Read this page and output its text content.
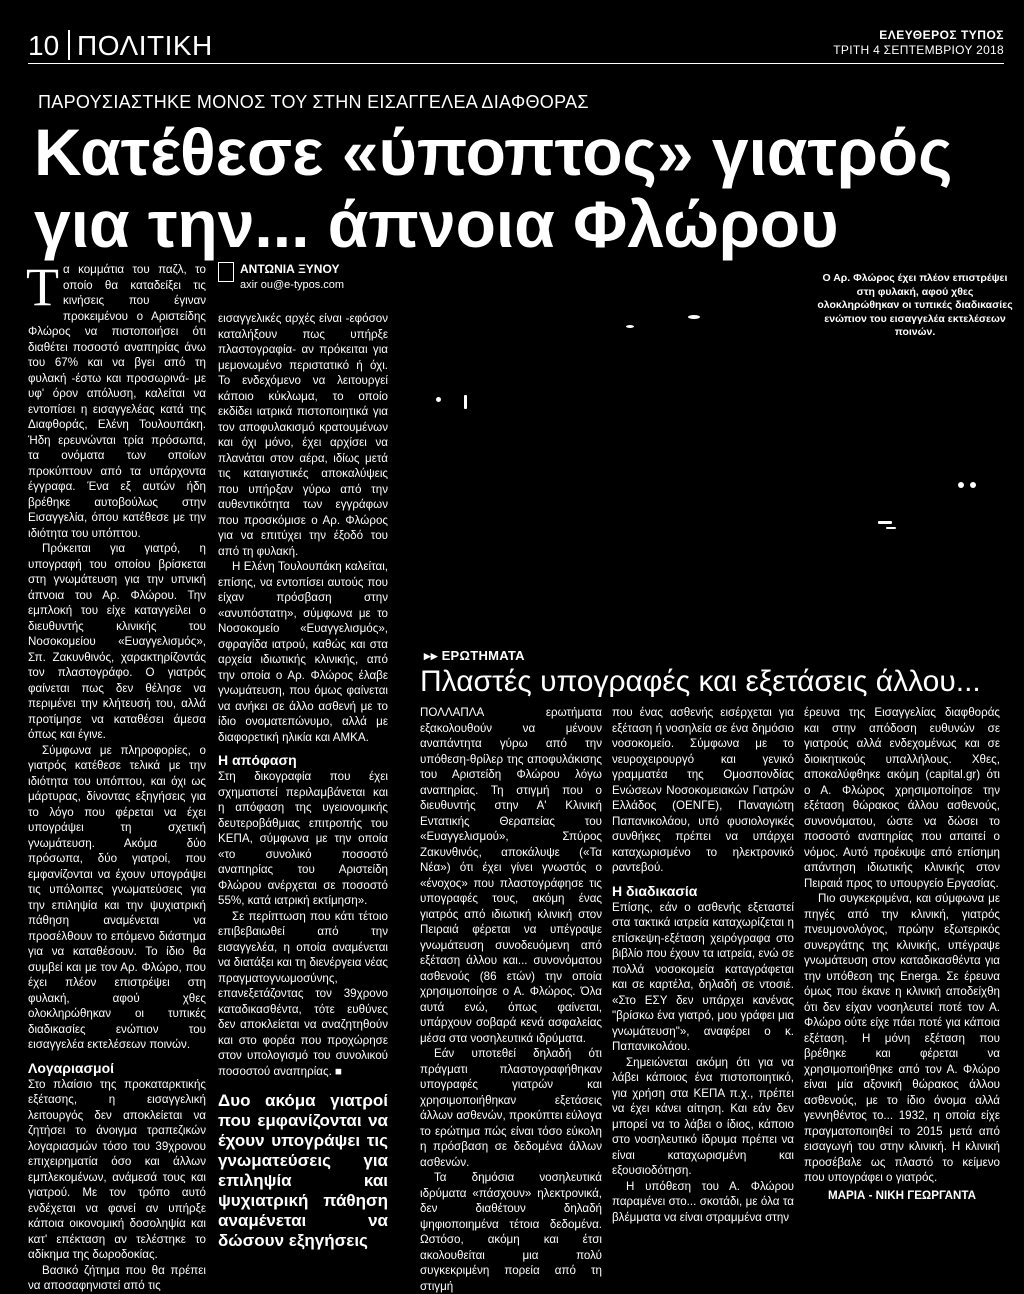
10 ΠΟΛΙΤΙΚΗ	ΕΛΕΥΘΕΡΟΣ ΤΥΠΟΣ
ΤΡΙΤΗ 4 ΣΕΠΤΕΜΒΡΙΟΥ 2018
ΠΑΡΟΥΣΙΑΣΤΗΚΕ ΜΟΝΟΣ ΤΟΥ ΣΤΗΝ ΕΙΣΑΓΓΕΛΕΑ ΔΙΑΦΘΟΡΑΣ
Κατέθεσε «ύποπτος» γιατρός
για την... άπνοια Φλώρου

Τα κομμάτια του παζλ, το οποίο θα καταδείξει τις κινήσεις που έγιναν προκειμένου ο Αριστείδης Φλώρος να πιστοποιήσει ότι διαθέτει ποσοστό αναπηρίας άνω του 67% και να βγει από τη φυλακή -έστω και προσωρινά- με υφ' όρον απόλυση, καλείται να εντοπίσει η εισαγγελέας κατά της Διαφθοράς, Ελένη Τουλουπάκη. Ήδη ερευνώνται τρία πρόσωπα, τα ονόματα των οποίων προκύπτουν από τα υπάρχοντα έγγραφα. Ένα εξ αυτών ήδη βρέθηκε αυτοβούλως στην Εισαγγελία, όπου κατέθεσε με την ιδιότητα του υπόπτου.

Πρόκειται για γιατρό, η υπογραφή του οποίου βρίσκεται στη γνωμάτευση για την υπνική άπνοια του Αρ. Φλώρου. Την εμπλοκή του είχε καταγγείλει ο διευθυντής κλινικής του Νοσοκομείου «Ευαγγελισμός», Σπ. Ζακυνθινός, χαρακτηρίζοντάς τον πλαστογράφο. Ο γιατρός φαίνεται πως δεν θέλησε να περιμένει την κλήτευσή του, αλλά προτίμησε να καταθέσει άμεσα όπως και έγινε.

Σύμφωνα με πληροφορίες, ο γιατρός κατέθεσε τελικά με την ιδιότητα του υπόπτου, και όχι ως μάρτυρας, δίνοντας εξηγήσεις για το λόγο που φέρεται να έχει υπογράψει τη σχετική γνωμάτευση. Ακόμα δύο πρόσωπα, δύο γιατροί, που εμφανίζονται να έχουν υπογράψει τις υπόλοιπες γνωματεύσεις για την επιληψία και την ψυχιατρική πάθηση αναμένεται να προσέλθουν το επόμενο διάστημα για να καταθέσουν. Το ίδιο θα συμβεί και με τον Αρ. Φλώρο, που έχει πλέον επιστρέψει στη φυλακή, αφού χθες ολοκληρώθηκαν οι τυπικές διαδικασίες ενώπιον του εισαγγελέα εκτελέσεων ποινών.

Λογαριασμοί

Στο πλαίσιο της προκαταρκτικής εξέτασης, η εισαγγελική λειτουργός δεν αποκλείεται να ζητήσει το άνοιγμα τραπεζικών λογαριασμών τόσο του 39χρονου επιχειρηματία όσο και άλλων εμπλεκομένων, ανάμεσά τους και γιατρού. Με τον τρόπο αυτό ενδέχεται να φανεί αν υπήρξε κάποια οικονομική δοσοληψία και κατ' επέκταση αν τελέστηκε το αδίκημα της δωροδοκίας.

Βασικό ζήτημα που θα πρέπει να αποσαφηνιστεί από τις

ΑΝΤΩΝΙΑ ΞΥΝΟΥ
axir ou@e-typos.com

εισαγγελικές αρχές είναι -εφόσον καταλήξουν πως υπήρξε πλαστογραφία- αν πρόκειται για μεμονωμένο περιστατικό ή όχι. Το ενδεχόμενο να λειτουργεί κάποιο κύκλωμα, το οποίο εκδίδει ιατρικά πιστοποιητικά για τον αποφυλακισμό κρατουμένων και όχι μόνο, έχει αρχίσει να πλανάται στον αέρα, ιδίως μετά τις καταιγιστικές αποκαλύψεις που υπήρξαν γύρω από την αυθεντικότητα των εγγράφων που προσκόμισε ο Αρ. Φλώρος για να επιτύχει την έξοδό του από τη φυλακή.

Η Ελένη Τουλουπάκη καλείται, επίσης, να εντοπίσει αυτούς που είχαν πρόσβαση στην «ανυπόστατη», σύμφωνα με το Νοσοκομείο «Ευαγγελισμός», σφραγίδα ιατρού, καθώς και στα αρχεία ιδιωτικής κλινικής, από την οποία ο Αρ. Φλώρος έλαβε γνωμάτευση, που όμως φαίνεται να ανήκει σε άλλο ασθενή με το ίδιο ονοματεπώνυμο, αλλά με διαφορετική ηλικία και ΑΜΚΑ.

Η απόφαση

Στη δικογραφία που έχει σχηματιστεί περιλαμβάνεται και η απόφαση της υγειονομικής δευτεροβάθμιας επιτροπής του ΚΕΠΑ, σύμφωνα με την οποία «το συνολικό ποσοστό αναπηρίας του Αριστείδη Φλώρου ανέρχεται σε ποσοστό 55%, κατά ιατρική εκτίμηση».

Σε περίπτωση που κάτι τέτοιο επιβεβαιωθεί από την εισαγγελέα, η οποία αναμένεται να διατάξει και τη διενέργεια νέας πραγματογνωμοσύνης, επανεξετάζοντας τον 39χρονο καταδικασθέντα, τότε ευθύνες δεν αποκλείεται να αναζητηθούν και στο φορέα που προχώρησε στον υπολογισμό του συνολικού ποσοστού αναπηρίας. ■

Δυο ακόμα γιατροί που εμφανίζονται να έχουν υπογράψει τις γνωματεύσεις για επιληψία και ψυχιατρική πάθηση αναμένεται να δώσουν εξηγήσεις

Ο Αρ. Φλώρος έχει πλέον επιστρέψει στη φυλακή, αφού χθες ολοκληρώθηκαν οι τυπικές διαδικασίες ενώπιον του εισαγγελέα εκτελέσεων ποινών.
▸▸ ΕΡΩΤΗΜΑΤΑ
Πλαστές υπογραφές και εξετάσεις άλλου...

ΠΟΛΛΑΠΛΑ ερωτήματα εξακολουθούν να μένουν αναπάντητα γύρω από την υπόθεση-θρίλερ της αποφυλάκισης του Αριστείδη Φλώρου λόγω αναπηρίας. Τη στιγμή που ο διευθυντής στην Α' Κλινική Εντατικής Θεραπείας του «Ευαγγελισμού», Σπύρος Ζακυνθινός, αποκάλυψε («Τα Νέα») ότι έχει γίνει γνωστός ο «ένοχος» που πλαστογράφησε τις υπογραφές τους, ακόμη ένας γιατρός από ιδιωτική κλινική στον Πειραιά φέρεται να υπέγραψε γνωμάτευση συνοδευόμενη από εξέταση άλλου και... συνονόματου ασθενούς (86 ετών) την οποία χρησιμοποίησε ο Α. Φλώρος. Όλα αυτά ενώ, όπως φαίνεται, υπάρχουν σοβαρά κενά ασφαλείας μέσα στα νοσηλευτικά ιδρύματα.

Εάν υποτεθεί δηλαδή ότι πράγματι πλαστογραφήθηκαν υπογραφές γιατρών και χρησιμοποιήθηκαν εξετάσεις άλλων ασθενών, προκύπτει εύλογα το ερώτημα πώς είναι τόσο εύκολη η πρόσβαση σε δεδομένα άλλων ασθενών.

Τα δημόσια νοσηλευτικά ιδρύματα «πάσχουν» ηλεκτρονικά, δεν διαθέτουν δηλαδή ψηφιοποιημένα τέτοια δεδομένα. Ωστόσο, ακόμη και έτσι ακολουθείται μια πολύ συγκεκριμένη πορεία από τη στιγμή

που ένας ασθενής εισέρχεται για εξέταση ή νοσηλεία σε ένα δημόσιο νοσοκομείο. Σύμφωνα με το νευροχειρουργό και γενικό γραμματέα της Ομοσπονδίας Ενώσεων Νοσοκομειακών Γιατρών Ελλάδος (ΟΕΝΓΕ), Παναγιώτη Παπανικολάου, υπό φυσιολογικές συνθήκες πρέπει να υπάρχει καταχωρισμένο το ηλεκτρονικό ραντεβού.

Η διαδικασία

Επίσης, εάν ο ασθενής εξεταστεί στα τακτικά ιατρεία καταχωρίζεται η επίσκεψη-εξέταση χειρόγραφα στο βιβλίο που έχουν τα ιατρεία, ενώ σε πολλά νοσοκομεία καταγράφεται και σε καρτέλα, δηλαδή σε ντοσιέ. «Στο ΕΣΥ δεν υπάρχει κανένας "βρίσκω ένα γιατρό, μου γράφει μια γνωμάτευση"», αναφέρει ο κ. Παπανικολάου.

Σημειώνεται ακόμη ότι για να λάβει κάποιος ένα πιστοποιητικό, για χρήση στα ΚΕΠΑ π.χ., πρέπει να έχει κάνει αίτηση. Και εάν δεν μπορεί να το λάβει ο ίδιος, κάποιο στο νοσηλευτικό ίδρυμα πρέπει να είναι καταχωρισμένη και εξουσιοδότηση.

Η υπόθεση του Α. Φλώρου παραμένει στο... σκοτάδι, με όλα τα βλέμματα να είναι στραμμένα στην

έρευνα της Εισαγγελίας διαφθοράς και στην απόδοση ευθυνών σε γιατρούς αλλά ενδεχομένως και σε διοικητικούς υπαλλήλους. Χθες, αποκαλύφθηκε ακόμη (capital.gr) ότι ο Α. Φλώρος χρησιμοποίησε την εξέταση θώρακος άλλου ασθενούς, συνονόματου, ώστε να δώσει το ποσοστό αναπηρίας που απαιτεί ο νόμος. Αυτό προέκυψε από επίσημη απάντηση ιδιωτικής κλινικής στον Πειραιά προς το υπουργείο Εργασίας.

Πιο συγκεκριμένα, και σύμφωνα με πηγές από την κλινική, γιατρός πνευμονολόγος, πρώην εξωτερικός συνεργάτης της κλινικής, υπέγραψε γνωμάτευση στον καταδικασθέντα για την υπόθεση της Energa. Σε έρευνα όμως που έκανε η κλινική αποδείχθη ότι δεν είχαν νοσηλευτεί ποτέ τον Α. Φλώρο ούτε είχε πάει ποτέ για κάποια εξέταση. Η μόνη εξέταση που βρέθηκε και φέρεται να χρησιμοποιήθηκε από τον Α. Φλώρο είναι μία αξονική θώρακος άλλου ασθενούς, με το ίδιο όνομα αλλά γεννηθέντος το... 1932, η οποία είχε πραγματοποιηθεί το 2015 μετά από εισαγωγή του στην κλινική. Η κλινική προσέβαλε ως πλαστό το κείμενο που υπογράφει ο γιατρός.

ΜΑΡΙΑ - ΝΙΚΗ ΓΕΩΡΓΑΝΤΑ
